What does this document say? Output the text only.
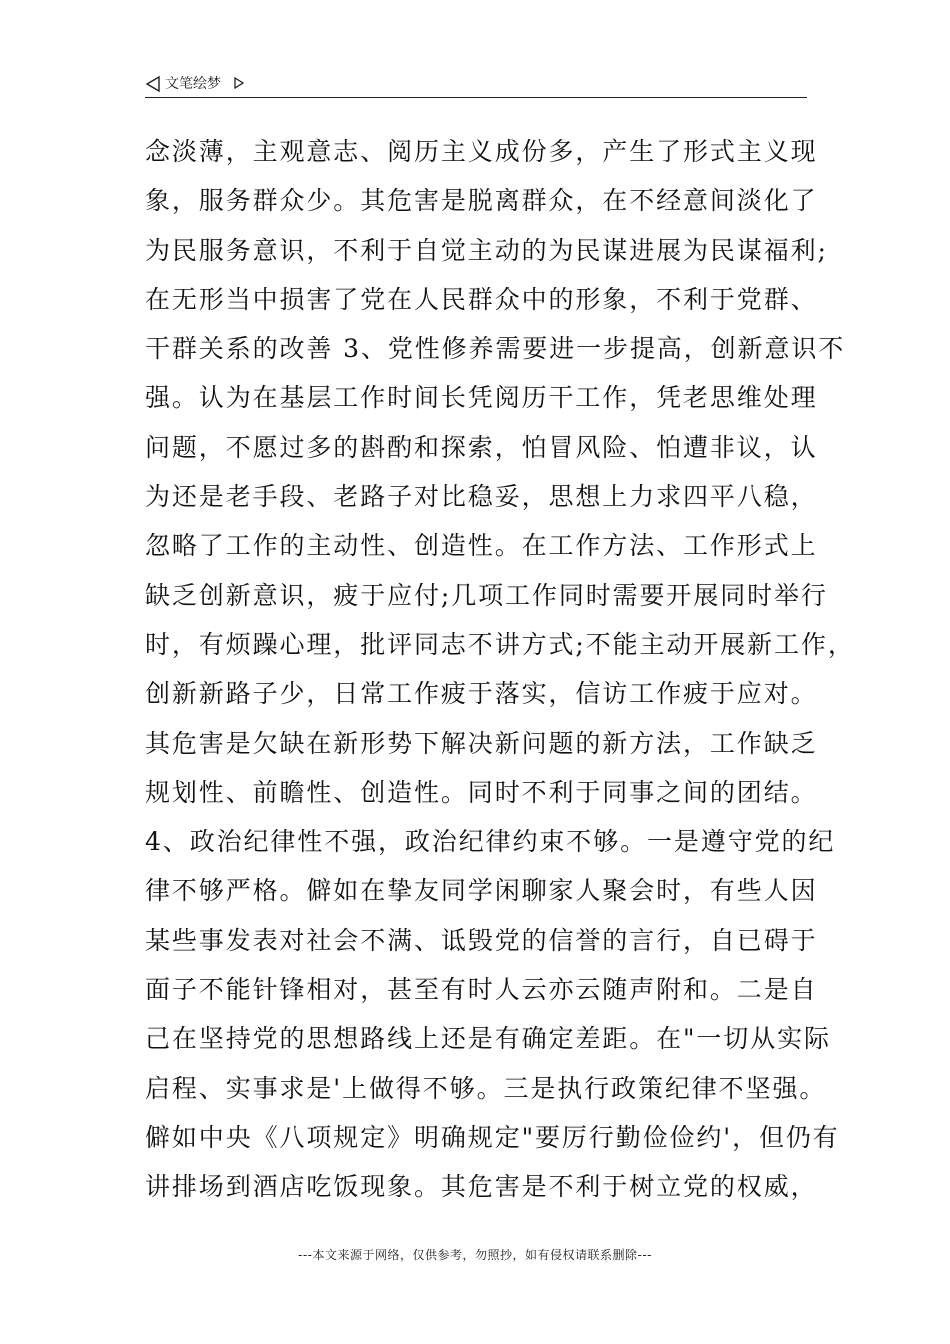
文笔绘梦
念淡薄，主观意志、阅历主义成份多，产生了形式主义现
象，服务群众少。其危害是脱离群众，在不经意间淡化了
为民服务意识，不利于自觉主动的为民谋进展为民谋福利;
在无形当中损害了党在人民群众中的形象，不利于党群、
干群关系的改善 3、党性修养需要进一步提高，创新意识不
强。认为在基层工作时间长凭阅历干工作，凭老思维处理
问题，不愿过多的斟酌和探索，怕冒风险、怕遭非议，认
为还是老手段、老路子对比稳妥，思想上力求四平八稳，
忽略了工作的主动性、创造性。在工作方法、工作形式上
缺乏创新意识，疲于应付;几项工作同时需要开展同时举行
时，有烦躁心理，批评同志不讲方式;不能主动开展新工作，
创新新路子少，日常工作疲于落实，信访工作疲于应对。
其危害是欠缺在新形势下解决新问题的新方法，工作缺乏
规划性、前瞻性、创造性。同时不利于同事之间的团结。
4、政治纪律性不强，政治纪律约束不够。一是遵守党的纪
律不够严格。僻如在挚友同学闲聊家人聚会时，有些人因
某些事发表对社会不满、诋毁党的信誉的言行，自已碍于
面子不能针锋相对，甚至有时人云亦云随声附和。二是自
己在坚持党的思想路线上还是有确定差距。在"一切从实际
启程、实事求是'上做得不够。三是执行政策纪律不坚强。
僻如中央《八项规定》明确规定"要厉行勤俭俭约'，但仍有
讲排场到酒店吃饭现象。其危害是不利于树立党的权威，
---本文来源于网络，仅供参考，勿照抄，如有侵权请联系删除---
